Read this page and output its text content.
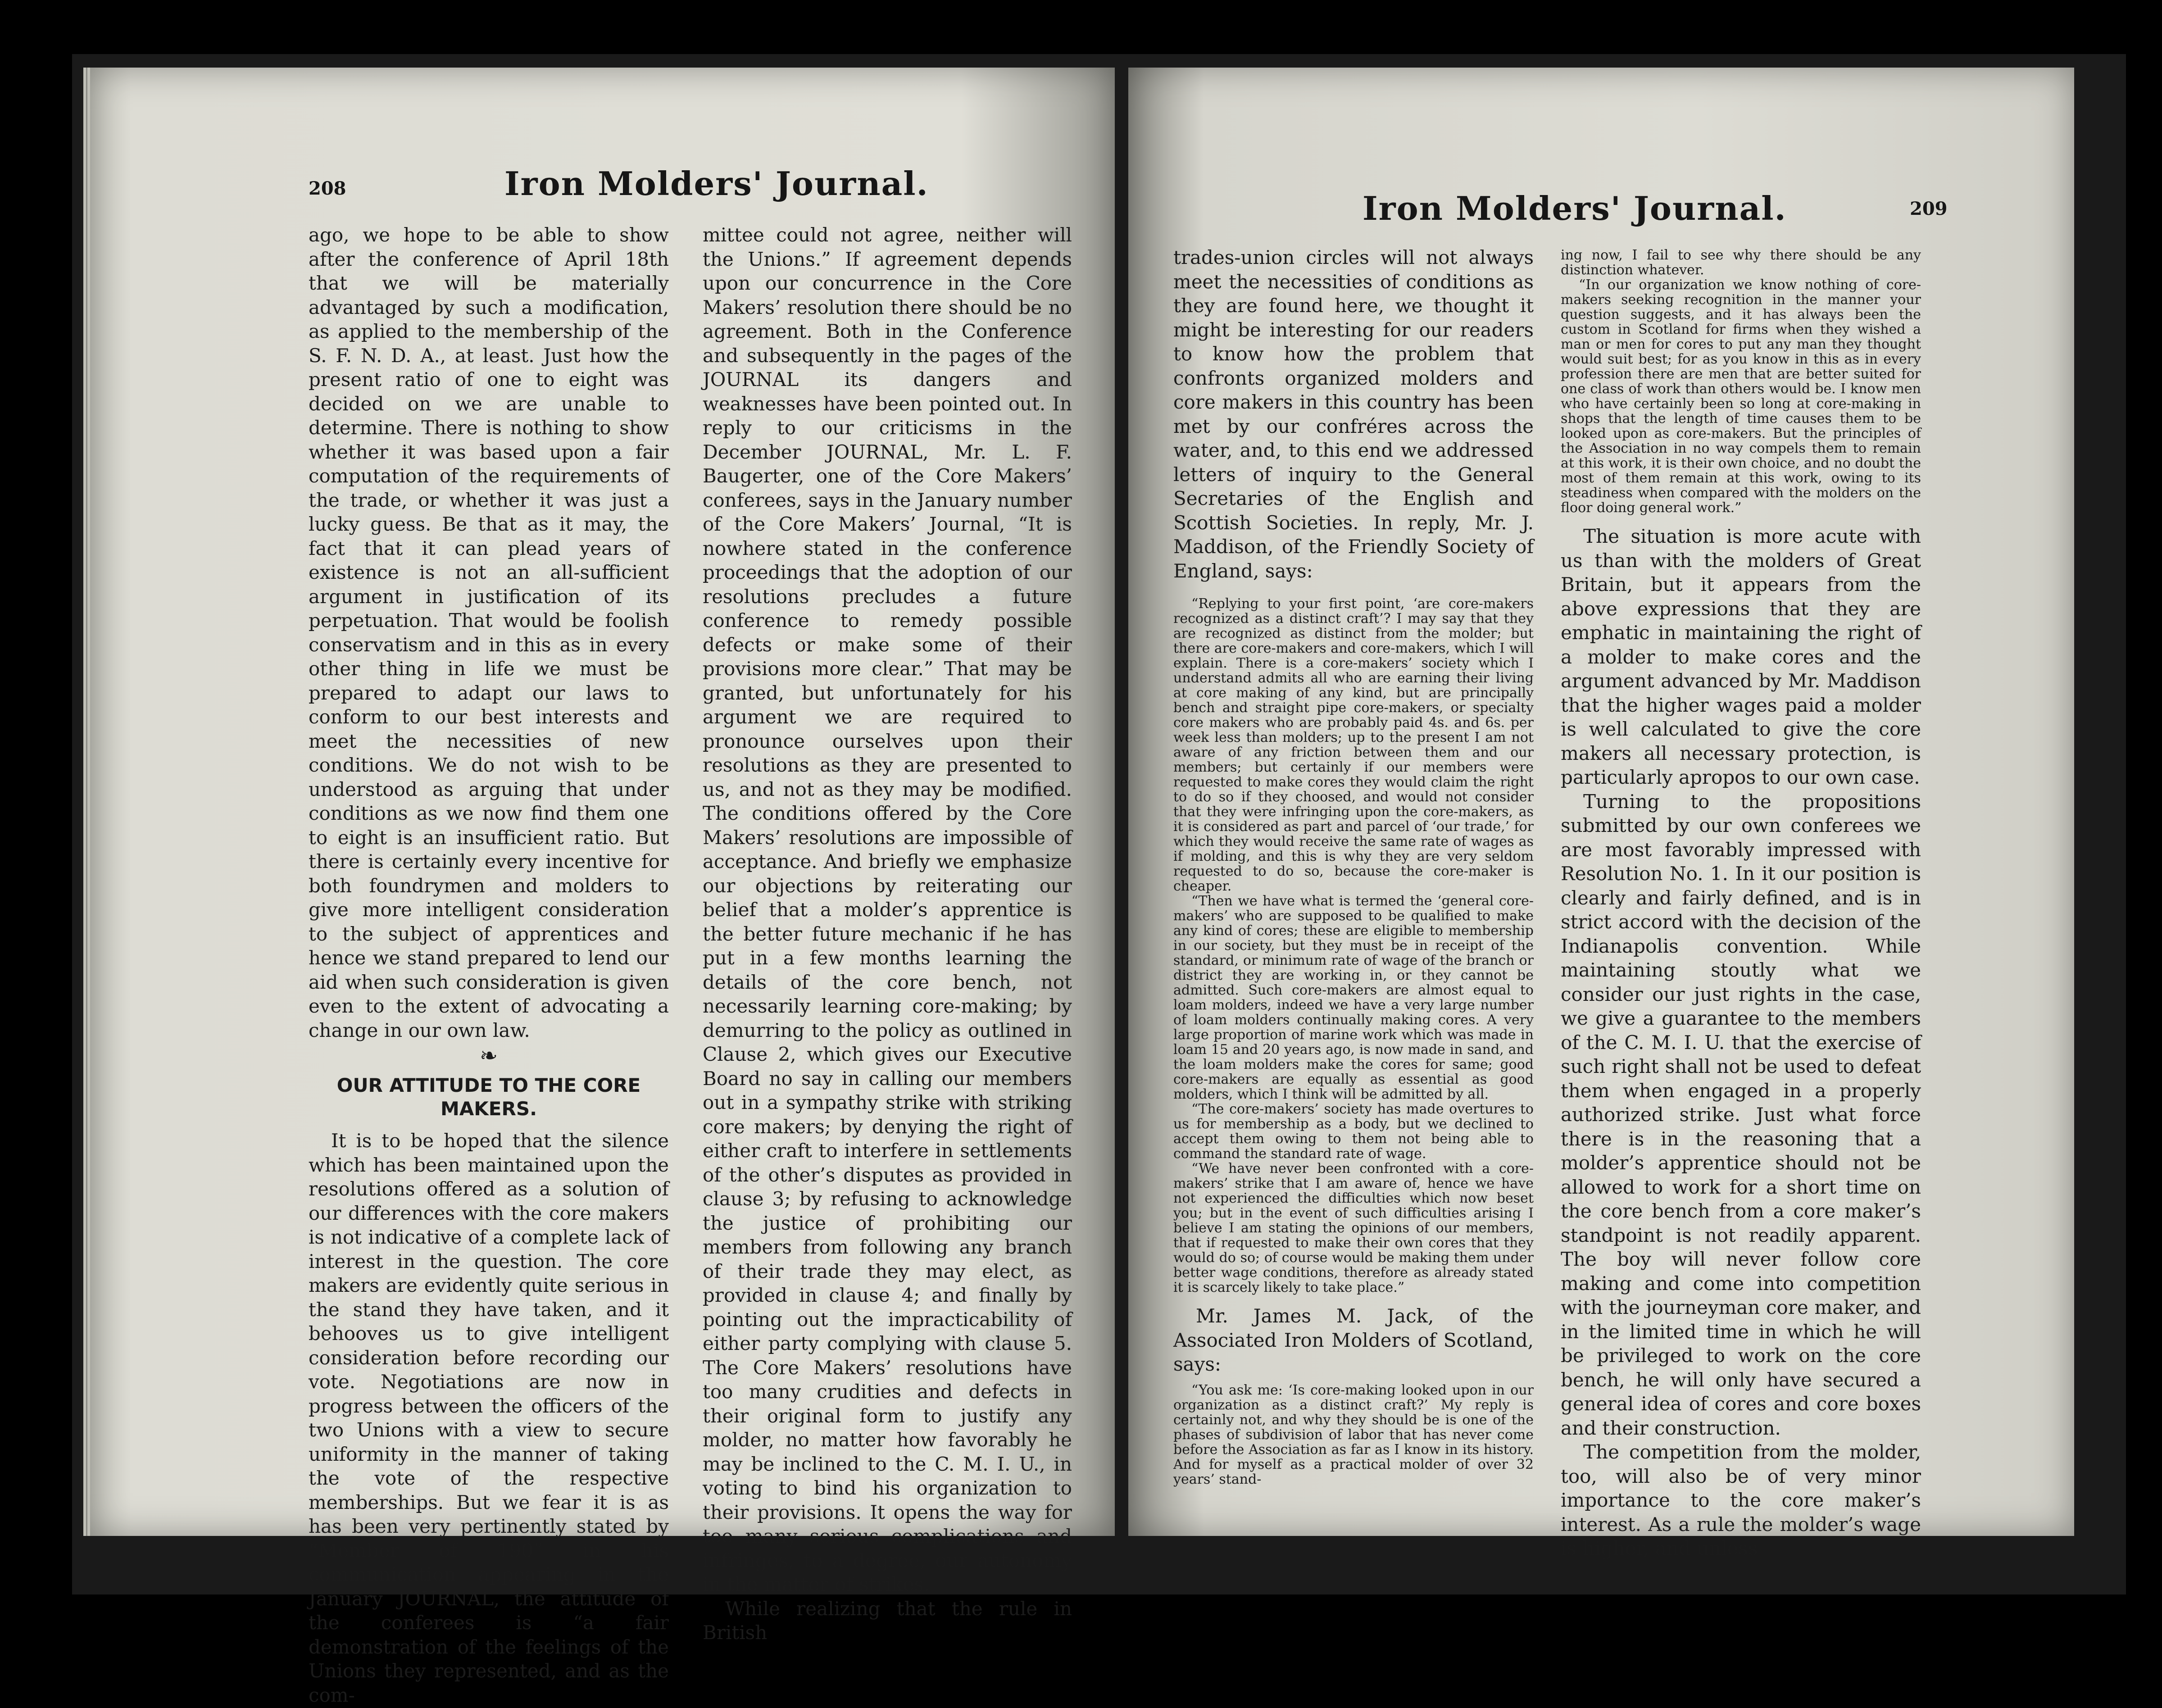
208	Iron Molders' Journal.

ago, we hope to be able to show after the conference of April 18th that we will be materially advantaged by such a modification, as applied to the membership of the S. F. N. D. A., at least. Just how the present ratio of one to eight was decided on we are unable to determine. There is nothing to show whether it was based upon a fair computation of the requirements of the trade, or whether it was just a lucky guess. Be that as it may, the fact that it can plead years of existence is not an all-sufficient argument in justification of its perpetuation. That would be foolish conservatism and in this as in every other thing in life we must be prepared to adapt our laws to conform to our best interests and meet the necessities of new conditions. We do not wish to be understood as arguing that under conditions as we now find them one to eight is an insufficient ratio. But there is certainly every incentive for both foundrymen and molders to give more intelligent consideration to the subject of apprentices and hence we stand prepared to lend our aid when such consideration is given even to the extent of advocating a change in our own law.

❧
OUR ATTITUDE TO THE CORE MAKERS.

It is to be hoped that the silence which has been maintained upon the resolutions offered as a solution of our differences with the core makers is not indicative of a complete lack of interest in the question. The core makers are evidently quite serious in the stand they have taken, and it behooves us to give intelligent consideration before recording our vote. Negotiations are now in progress between the officers of the two Unions with a view to secure uniformity in the manner of taking the vote of the respective memberships. But we fear it is as has been very pertinently stated by “Member of 190” in his communication appearing in the January JOURNAL, the attitude of the conferees is “a fair demonstration of the feelings of the Unions they represented, and as the com-

mittee could not agree, neither will the Unions.” If agreement depends upon our concurrence in the Core Makers’ resolution there should be no agreement. Both in the Conference and subsequently in the pages of the JOURNAL its dangers and weaknesses have been pointed out. In reply to our criticisms in the December JOURNAL, Mr. L. F. Baugerter, one of the Core Makers’ conferees, says in the January number of the Core Makers’ Journal, “It is nowhere stated in the conference proceedings that the adoption of our resolutions precludes a future conference to remedy possible defects or make some of their provisions more clear.” That may be granted, but unfortunately for his argument we are required to pronounce ourselves upon their resolutions as they are presented to us, and not as they may be modified. The conditions offered by the Core Makers’ resolutions are impossible of acceptance. And briefly we emphasize our objections by reiterating our belief that a molder’s apprentice is the better future mechanic if he has put in a few months learning the details of the core bench, not necessarily learning core-making; by demurring to the policy as outlined in Clause 2, which gives our Executive Board no say in calling our members out in a sympathy strike with striking core makers; by denying the right of either craft to interfere in settlements of the other’s disputes as provided in clause 3; by refusing to acknowledge the justice of prohibiting our members from following any branch of their trade they may elect, as provided in clause 4; and finally by pointing out the impracticability of either party complying with clause 5. The Core Makers’ resolutions have too many crudities and defects in their original form to justify any molder, no matter how favorably he may be inclined to the C. M. I. U., in voting to bind his organization to their provisions. It opens the way for too many serious complications and infringes, to a degree, our autonomy in the matter of strikes.

While realizing that the rule in British

Iron Molders' Journal.	209

trades-union circles will not always meet the necessities of conditions as they are found here, we thought it might be interesting for our readers to know how the problem that confronts organized molders and core makers in this country has been met by our confréres across the water, and, to this end we addressed letters of inquiry to the General Secretaries of the English and Scottish Societies. In reply, Mr. J. Maddison, of the Friendly Society of England, says:

“Replying to your first point, ‘are core-makers recognized as a distinct craft’? I may say that they are recognized as distinct from the molder; but there are core-makers and core-makers, which I will explain. There is a core-makers’ society which I understand admits all who are earning their living at core making of any kind, but are principally bench and straight pipe core-makers, or specialty core makers who are probably paid 4s. and 6s. per week less than molders; up to the present I am not aware of any friction between them and our members; but certainly if our members were requested to make cores they would claim the right to do so if they choosed, and would not consider that they were infringing upon the core-makers, as it is considered as part and parcel of ‘our trade,’ for which they would receive the same rate of wages as if molding, and this is why they are very seldom requested to do so, because the core-maker is cheaper.

“Then we have what is termed the ‘general core-makers’ who are supposed to be qualified to make any kind of cores; these are eligible to membership in our society, but they must be in receipt of the standard, or minimum rate of wage of the branch or district they are working in, or they cannot be admitted. Such core-makers are almost equal to loam molders, indeed we have a very large number of loam molders continually making cores. A very large proportion of marine work which was made in loam 15 and 20 years ago, is now made in sand, and the loam molders make the cores for same; good core-makers are equally as essential as good molders, which I think will be admitted by all.

“The core-makers’ society has made overtures to us for membership as a body, but we declined to accept them owing to them not being able to command the standard rate of wage.

“We have never been confronted with a core-makers’ strike that I am aware of, hence we have not experienced the difficulties which now beset you; but in the event of such difficulties arising I believe I am stating the opinions of our members, that if requested to make their own cores that they would do so; of course would be making them under better wage conditions, therefore as already stated it is scarcely likely to take place.”

Mr. James M. Jack, of the Associated Iron Molders of Scotland, says:

“You ask me: ‘Is core-making looked upon in our organization as a distinct craft?’ My reply is certainly not, and why they should be is one of the phases of subdivision of labor that has never come before the Association as far as I know in its history. And for myself as a practical molder of over 32 years’ stand-

ing now, I fail to see why there should be any distinction whatever.

“In our organization we know nothing of core-makers seeking recognition in the manner your question suggests, and it has always been the custom in Scotland for firms when they wished a man or men for cores to put any man they thought would suit best; for as you know in this as in every profession there are men that are better suited for one class of work than others would be. I know men who have certainly been so long at core-making in shops that the length of time causes them to be looked upon as core-makers. But the principles of the Association in no way compels them to remain at this work, it is their own choice, and no doubt the most of them remain at this work, owing to its steadiness when compared with the molders on the floor doing general work.”

The situation is more acute with us than with the molders of Great Britain, but it appears from the above expressions that they are emphatic in maintaining the right of a molder to make cores and the argument advanced by Mr. Maddison that the higher wages paid a molder is well calculated to give the core makers all necessary protection, is particularly apropos to our own case.

Turning to the propositions submitted by our own conferees we are most favorably impressed with Resolution No. 1. In it our position is clearly and fairly defined, and is in strict accord with the decision of the Indianapolis convention. While maintaining stoutly what we consider our just rights in the case, we give a guarantee to the members of the C. M. I. U. that the exercise of such right shall not be used to defeat them when engaged in a properly authorized strike. Just what force there is in the reasoning that a molder’s apprentice should not be allowed to work for a short time on the core bench from a core maker’s standpoint is not readily apparent. The boy will never follow core making and come into competition with the journeyman core maker, and in the limited time in which he will be privileged to work on the core bench, he will only have secured a general idea of cores and core boxes and their construction.

The competition from the molder, too, will also be of very minor importance to the core maker’s interest. As a rule the molder’s wage is higher, and unless
